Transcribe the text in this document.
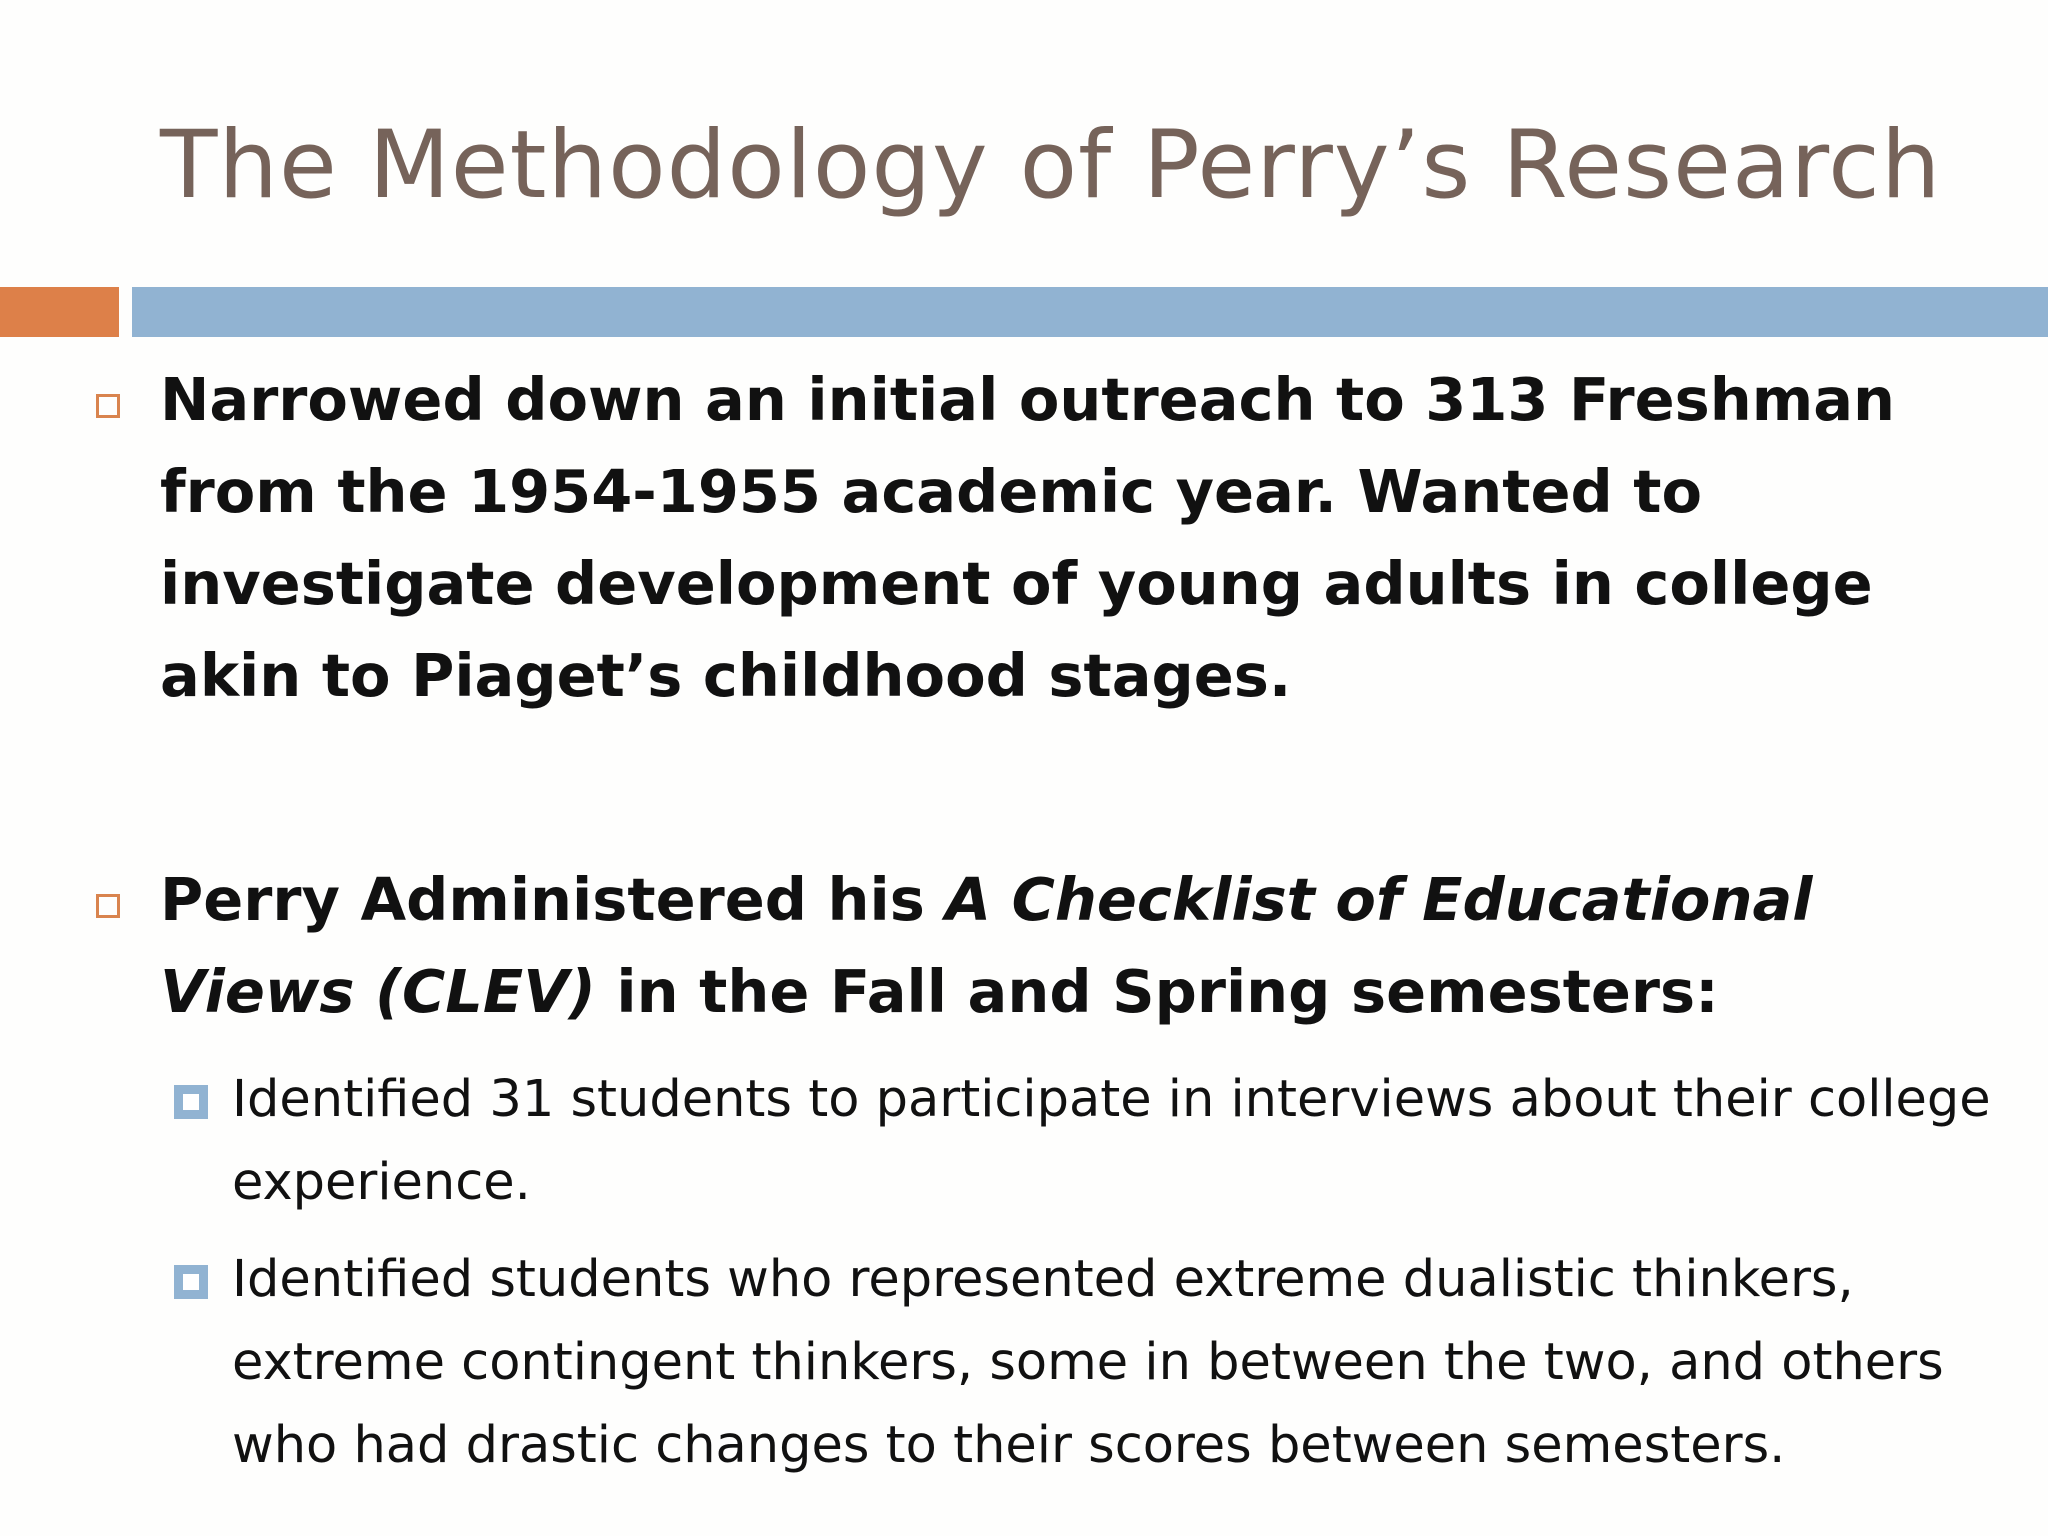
The Methodology of Perry’s Research
Narrowed down an initial outreach to 313 Freshman from the 1954-1955 academic year. Wanted to investigate development of young adults in college akin to Piaget’s childhood stages.
Perry Administered his A Checklist of Educational Views (CLEV) in the Fall and Spring semesters:
Identified 31 students to participate in interviews about their college experience.
Identified students who represented extreme dualistic thinkers, extreme contingent thinkers, some in between the two, and others who had drastic changes to their scores between semesters.
